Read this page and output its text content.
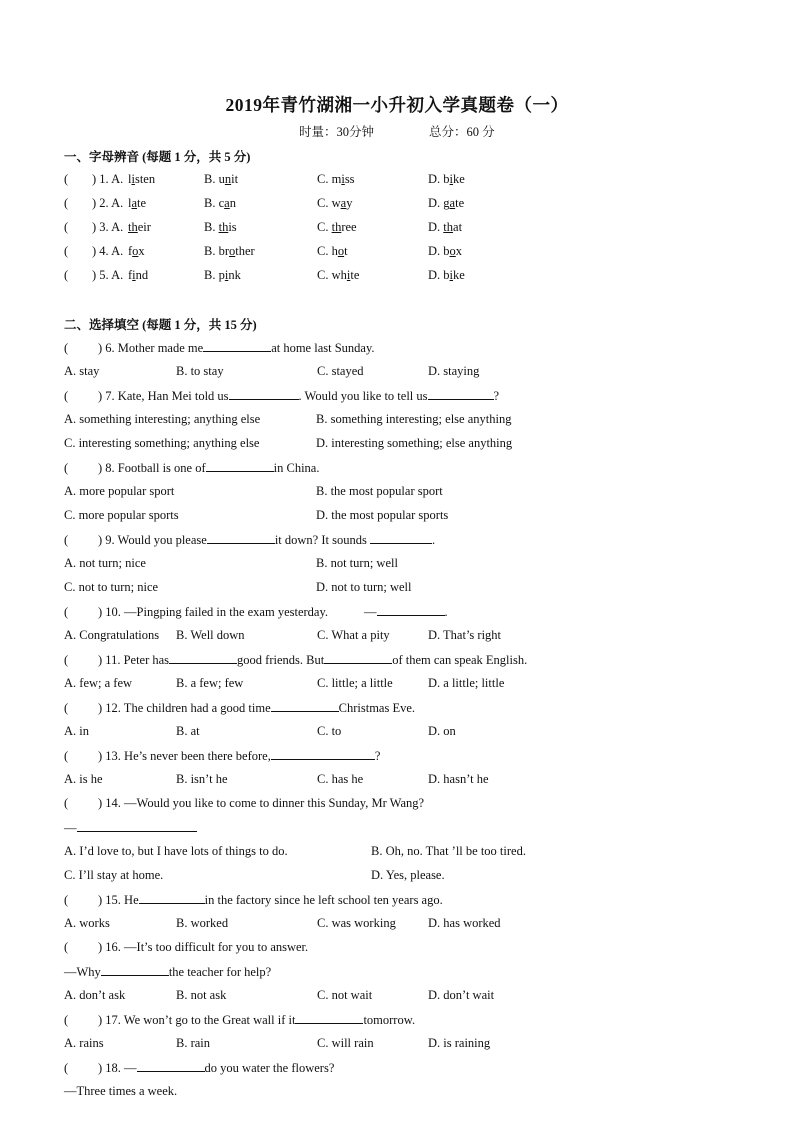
2019年青竹湖湘一小升初入学真题卷（一）
时量：30分钟	总分：60 分
一、字母辨音 (每题 1 分，共 5 分)
( ) 1. A. listen	B. unit	C. miss	D. bike
( ) 2. A. late	B. can	C. way	D. gate
( ) 3. A. their	B. this	C. three	D. that
( ) 4. A. fox	B. brother	C. hot	D. box
( ) 5. A. find	B. pink	C. white	D. bike
二、选择填空 (每题 1 分，共 15 分)
(　　) 6. Mother made me	at home last Sunday.
A. stay	B. to stay	C. stayed	D. staying
(　　) 7. Kate, Han Mei told us	. Would you like to tell us	?
A. something interesting; anything else	B. something interesting; else anything
C. interesting something; anything else	D. interesting something; else anything
(　　) 8. Football is one of	in China.
A. more popular sport	B. the most popular sport
C. more popular sports	D. the most popular sports
(　　) 9. Would you please	it down? It sounds	.
A. not turn; nice	B. not turn; well
C. not to turn; nice	D. not to turn; well
(　　) 10. —Pingping failed in the exam yesterday.	—	.
A. Congratulations B. Well down	C. What a pity	D. That’s right
(　　) 11. Peter has	good friends. But	of them can speak English.
A. few; a few	B. a few; few	C. little; a little	D. a little; little
(　　) 12. The children had a good time	Christmas Eve.
A. in	B. at	C. to	D. on
(　　) 13. He’s never been there before,	?
A. is he	B. isn’t he	C. has he	D. hasn’t he
(　　) 14. —Would you like to come to dinner this Sunday, Mr Wang?
—
A. I’d love to, but I have lots of things to do.	B. Oh, no. That ’ll be too tired.
C. I’ll stay at home.	D. Yes, please.
(　　) 15. He	in the factory since he left school ten years ago.
A. works	B. worked	C. was working	D. has worked
(　　) 16. —It’s too difficult for you to answer.
—Why	the teacher for help?
A. don’t ask	B. not ask	C. not wait	D. don’t wait
(　　) 17. We won’t go to the Great wall if it	tomorrow.
A. rains	B. rain	C. will rain	D. is raining
(　　) 18. —	do you water the flowers?
—Three times a week.
